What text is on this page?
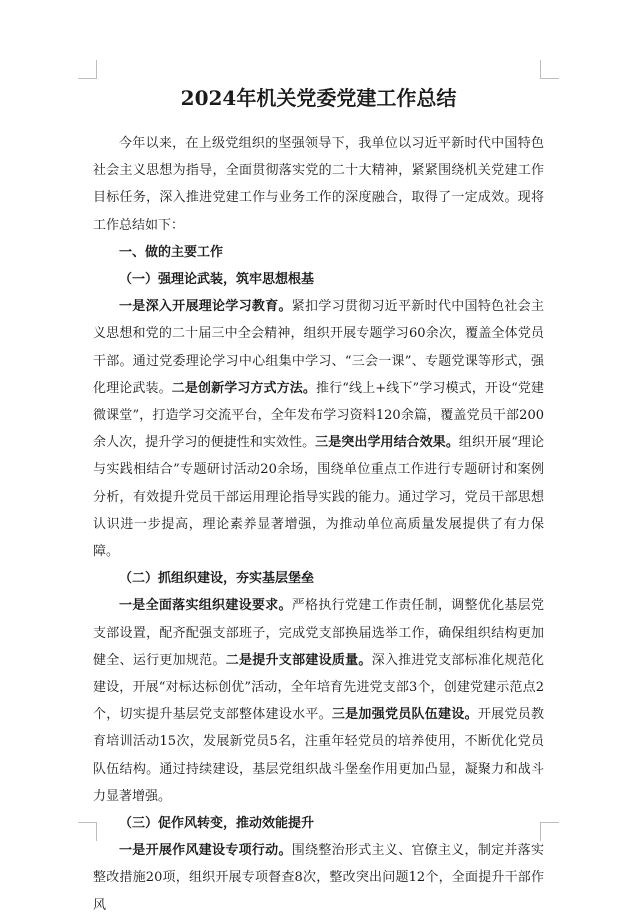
2024年机关党委党建工作总结

今年以来，在上级党组织的坚强领导下，我单位以习近平新时代中国特色社会主义思想为指导，全面贯彻落实党的二十大精神，紧紧围绕机关党建工作目标任务，深入推进党建工作与业务工作的深度融合，取得了一定成效。现将工作总结如下：

一、做的主要工作

（一）强理论武装，筑牢思想根基

一是深入开展理论学习教育。紧扣学习贯彻习近平新时代中国特色社会主义思想和党的二十届三中全会精神，组织开展专题学习60余次，覆盖全体党员干部。通过党委理论学习中心组集中学习、“三会一课”、专题党课等形式，强化理论武装。二是创新学习方式方法。推行“线上+线下”学习模式，开设“党建微课堂”，打造学习交流平台，全年发布学习资料120余篇，覆盖党员干部200余人次，提升学习的便捷性和实效性。三是突出学用结合效果。组织开展“理论与实践相结合”专题研讨活动20余场，围绕单位重点工作进行专题研讨和案例分析，有效提升党员干部运用理论指导实践的能力。通过学习，党员干部思想认识进一步提高，理论素养显著增强，为推动单位高质量发展提供了有力保障。

（二）抓组织建设，夯实基层堡垒

一是全面落实组织建设要求。严格执行党建工作责任制，调整优化基层党支部设置，配齐配强支部班子，完成党支部换届选举工作，确保组织结构更加健全、运行更加规范。二是提升支部建设质量。深入推进党支部标准化规范化建设，开展“对标达标创优”活动，全年培育先进党支部3个，创建党建示范点2个，切实提升基层党支部整体建设水平。三是加强党员队伍建设。开展党员教育培训活动15次，发展新党员5名，注重年轻党员的培养使用，不断优化党员队伍结构。通过持续建设，基层党组织战斗堡垒作用更加凸显，凝聚力和战斗力显著增强。

（三）促作风转变，推动效能提升

一是开展作风建设专项行动。围绕整治形式主义、官僚主义，制定并落实整改措施20项，组织开展专项督查8次，整改突出问题12个，全面提升干部作风
